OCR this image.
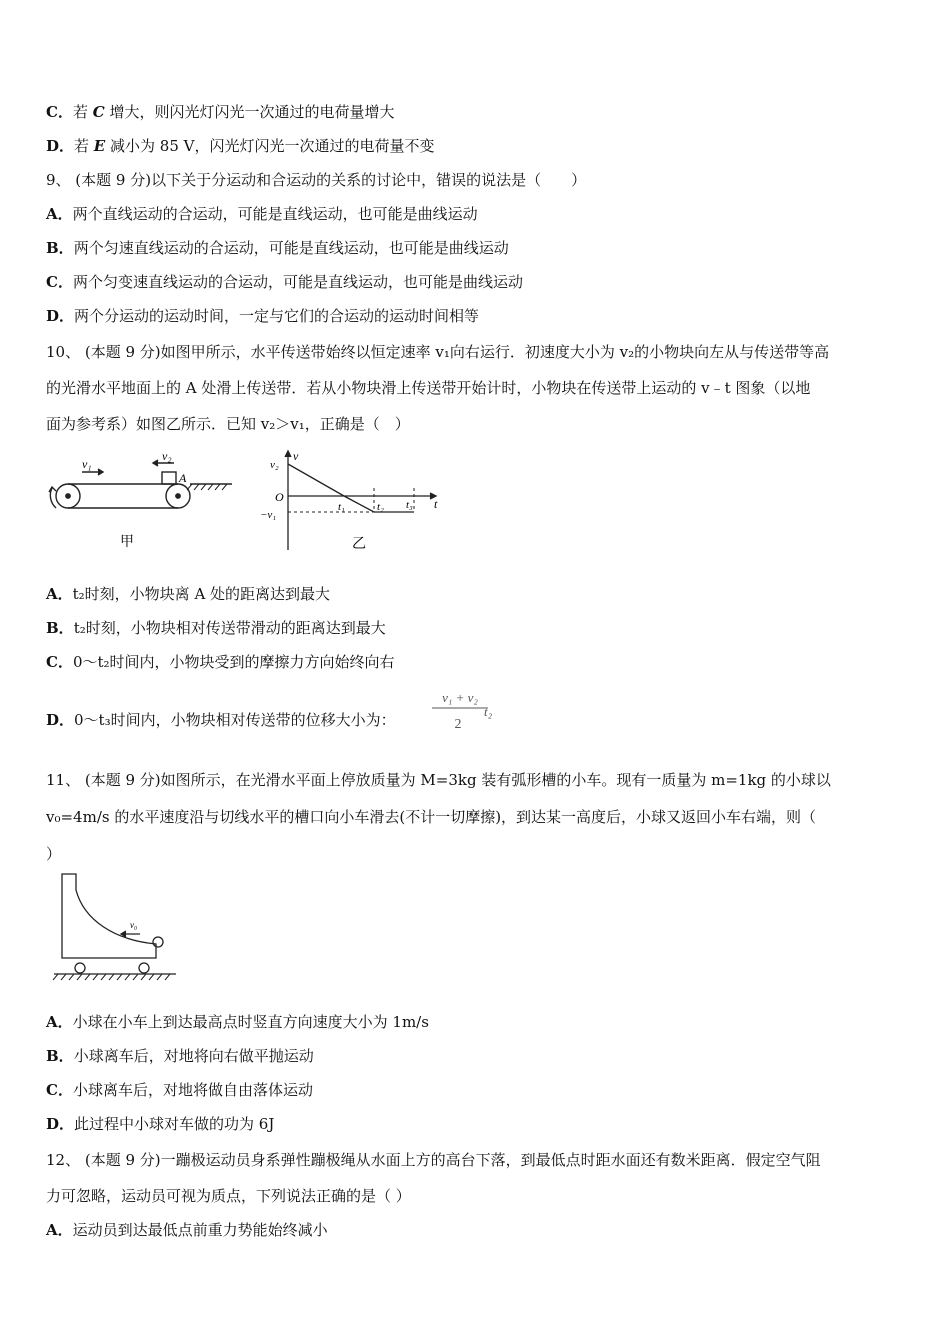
C．若 C 增大，则闪光灯闪光一次通过的电荷量增大
D．若 E 减小为 85 V，闪光灯闪光一次通过的电荷量不变
9、 (本题 9 分)以下关于分运动和合运动的关系的讨论中，错误的说法是（　　）
A．两个直线运动的合运动，可能是直线运动，也可能是曲线运动
B．两个匀速直线运动的合运动，可能是直线运动，也可能是曲线运动
C．两个匀变速直线运动的合运动，可能是直线运动，也可能是曲线运动
D．两个分运动的运动时间，一定与它们的合运动的运动时间相等
10、 (本题 9 分)如图甲所示，水平传送带始终以恒定速率 v₁向右运行．初速度大小为 v₂的小物块向左从与传送带等高
的光滑水平地面上的 A 处滑上传送带．若从小物块滑上传送带开始计时，小物块在传送带上运动的 v﹣t 图象（以地
面为参考系）如图乙所示．已知 v₂＞v₁，正确是（　）
v₁
v₂
A
甲
v
v₂
O
−v₁
t₁	t₂ t₃ t
乙
A．t₂时刻，小物块离 A 处的距离达到最大
B．t₂时刻，小物块相对传送带滑动的距离达到最大
C．0～t₂时间内，小物块受到的摩擦力方向始终向右
D．0～t₃时间内，小物块相对传送带的位移大小为：
v₁ + v₂
2
t₂
11、 (本题 9 分)如图所示，在光滑水平面上停放质量为 M=3kg 装有弧形槽的小车。现有一质量为 m=1kg 的小球以
v₀=4m/s 的水平速度沿与切线水平的槽口向小车滑去(不计一切摩擦)，到达某一高度后，小球又返回小车右端，则（
）
v₀
A．小球在小车上到达最高点时竖直方向速度大小为 1m/s
B．小球离车后，对地将向右做平抛运动
C．小球离车后，对地将做自由落体运动
D．此过程中小球对车做的功为 6J
12、 (本题 9 分)一蹦极运动员身系弹性蹦极绳从水面上方的高台下落，到最低点时距水面还有数米距离．假定空气阻
力可忽略，运动员可视为质点，下列说法正确的是（ ）
A．运动员到达最低点前重力势能始终减小
